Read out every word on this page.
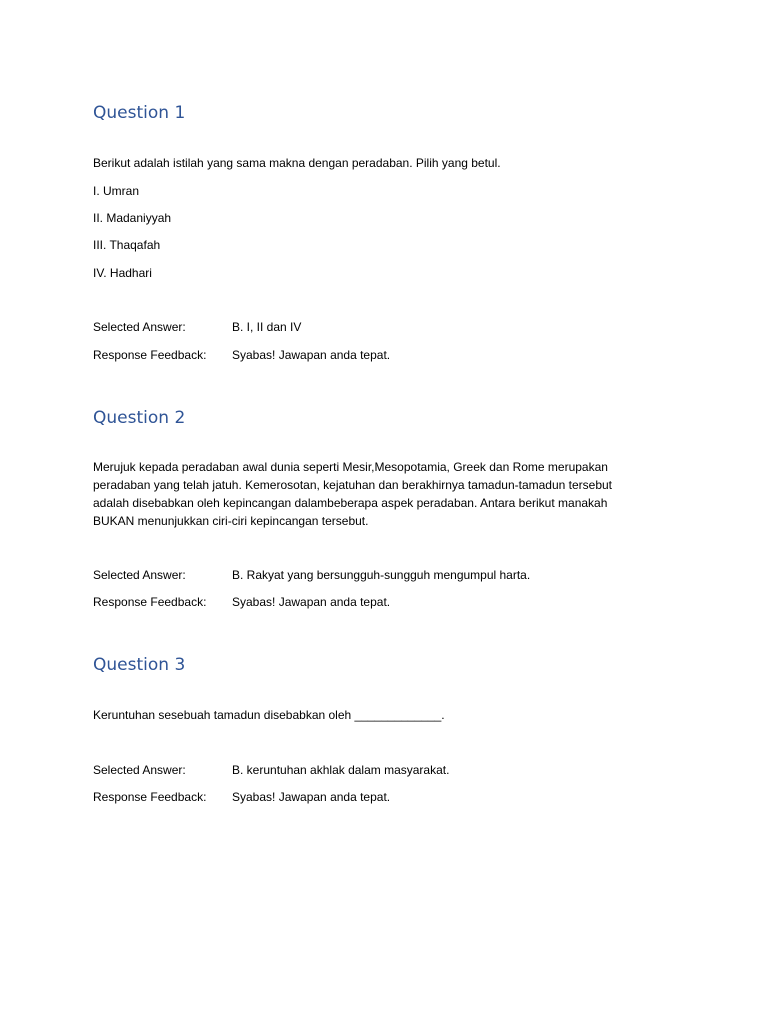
Question 1

Berikut adalah istilah yang sama makna dengan peradaban. Pilih yang betul.

I. Umran

II. Madaniyyah

III. Thaqafah

IV. Hadhari

Selected Answer:	B. I, II dan IV

Response Feedback: Syabas! Jawapan anda tepat.

Question 2

Merujuk kepada peradaban awal dunia seperti Mesir,Mesopotamia, Greek dan Rome merupakan

peradaban yang telah jatuh. Kemerosotan, kejatuhan dan berakhirnya tamadun-tamadun tersebut

adalah disebabkan oleh kepincangan dalambeberapa aspek peradaban. Antara berikut manakah

BUKAN menunjukkan ciri-ciri kepincangan tersebut.

Selected Answer:	B. Rakyat yang bersungguh-sungguh mengumpul harta.

Response Feedback: Syabas! Jawapan anda tepat.

Question 3

Keruntuhan sesebuah tamadun disebabkan oleh _____________.

Selected Answer:	B. keruntuhan akhlak dalam masyarakat.

Response Feedback: Syabas! Jawapan anda tepat.
